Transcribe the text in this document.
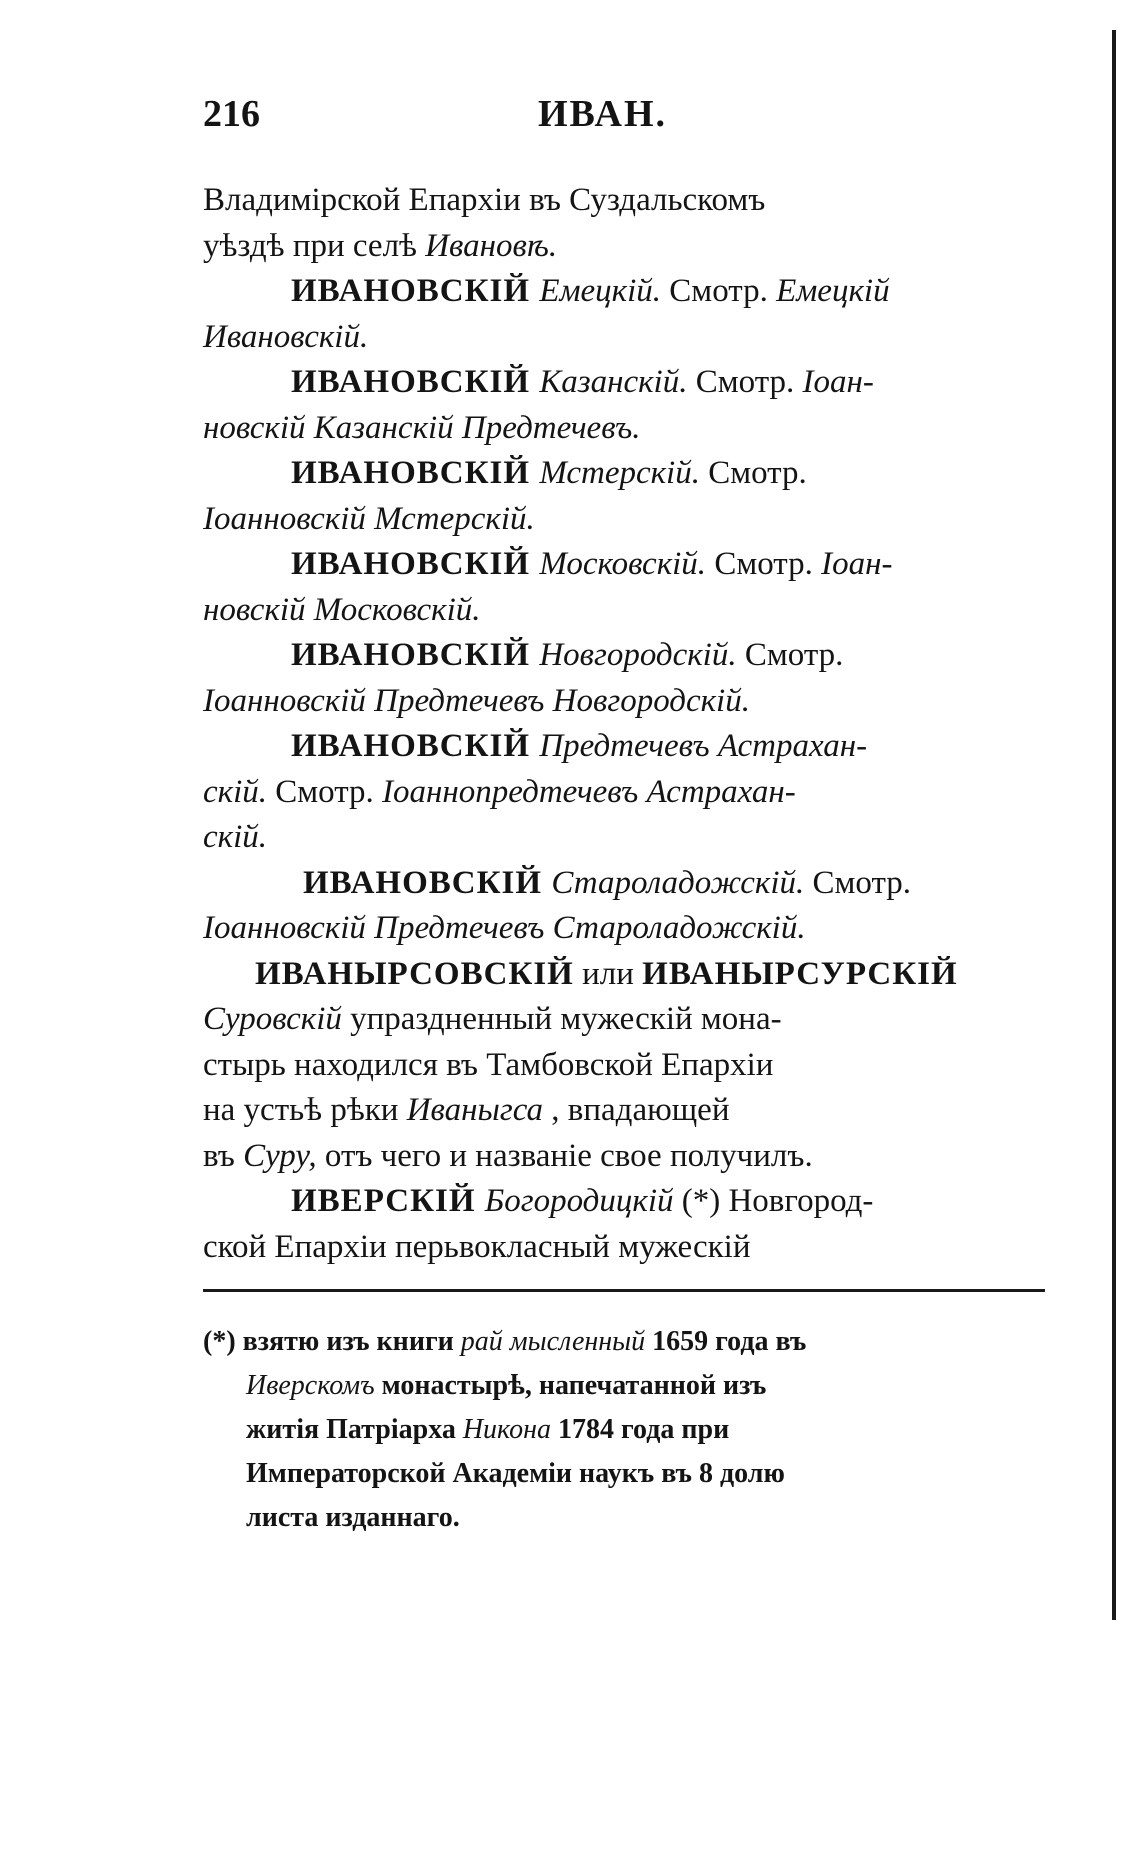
216	ИВАН.
Владимірской Епархіи въ Суздальскомъ
уѣздѣ при селѣ Ивановѣ.
ИВАНОВСКІЙ Емецкій. Смотр. Емецкій
Ивановскій.
ИВАНОВСКІЙ Казанскій. Смотр. Іоан-
новскій Казанскій Предтечевъ.
ИВАНОВСКІЙ Мстерскій. Смотр.
Іоанновскій Мстерскій.
ИВАНОВСКІЙ Московскій. Смотр. Іоан-
новскій Московскій.
ИВАНОВСКІЙ Новгородскій. Смотр.
Іоанновскій Предтечевъ Новгородскій.
ИВАНОВСКІЙ Предтечевъ Астрахан-
скій. Смотр. Іоаннопредтечевъ Астрахан-
скій.
ИВАНОВСКІЙ Староладожскій. Смотр.
Іоанновскій Предтечевъ Староладожскій.
ИВАНЫРСОВСКІЙ или ИВАНЫРСУРСКІЙ
Суровскій упраздненный мужескій мона-
стырь находился въ Тамбовской Епархіи
на устьѣ рѣки Иваныгса , впадающей
въ Суру, отъ чего и названіе свое получилъ.
ИВЕРСКІЙ Богородицкій (*) Новгород-
ской Епархіи перьвокласный мужескій
(*) взятю изъ книги рай мысленный 1659 года въ
Иверскомъ монастырѣ, напечатанной изъ
житія Патріарха Никона 1784 года при
Императорской Академіи наукъ въ 8 долю
листа изданнаго.
